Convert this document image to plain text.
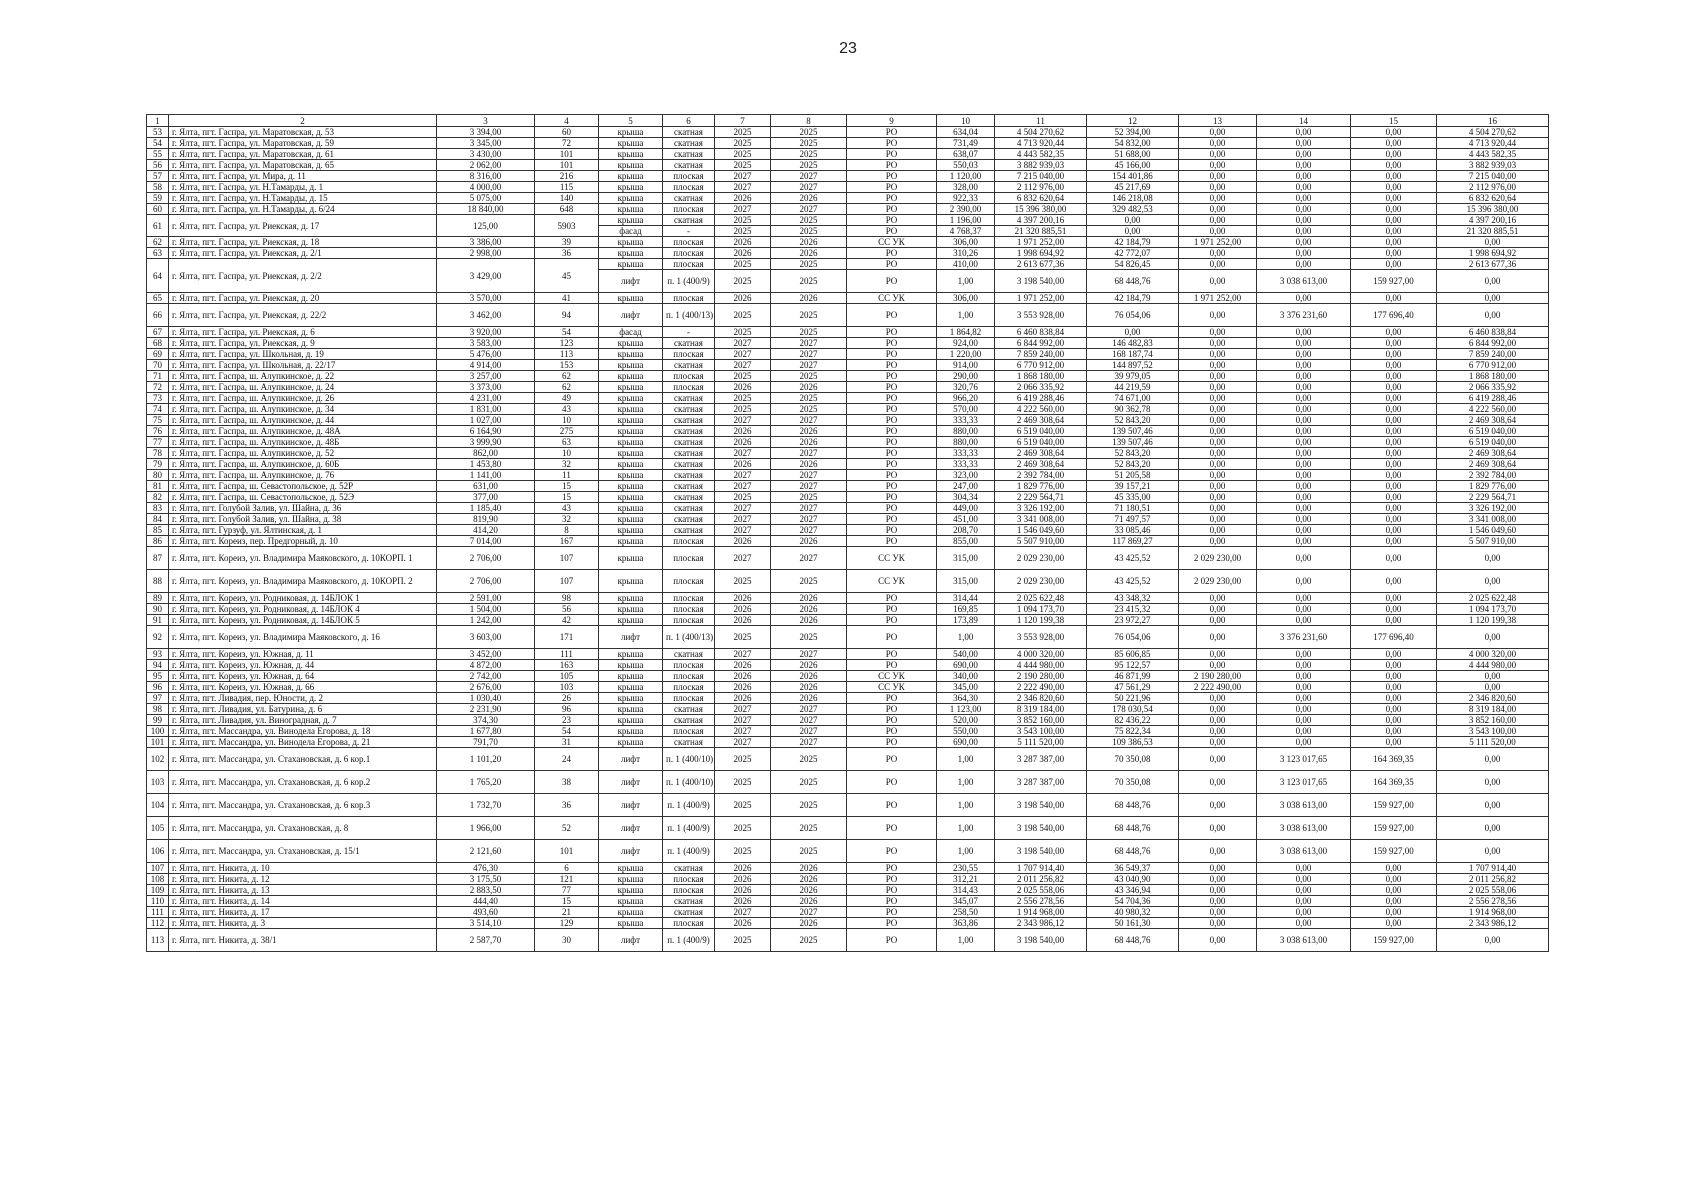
23
1	2	3	4	5	6	7	8	9	10	11	12	13	14	15	16
53	г. Ялта, пгт. Гаспра, ул. Маратовская, д. 53	3 394,00	60	крыша	скатная	2025	2025	РО	634,04	4 504 270,62	52 394,00	0,00	0,00	0,00	4 504 270,62
54	г. Ялта, пгт. Гаспра, ул. Маратовская, д. 59	3 345,00	72	крыша	скатная	2025	2025	РО	731,49	4 713 920,44	54 832,00	0,00	0,00	0,00	4 713 920,44
55	г. Ялта, пгт. Гаспра, ул. Маратовская, д. 61	3 430,00	101	крыша	скатная	2025	2025	РО	638,07	4 443 582,35	51 688,00	0,00	0,00	0,00	4 443 582,35
56	г. Ялта, пгт. Гаспра, ул. Маратовская, д. 65	2 062,00	101	крыша	скатная	2025	2025	РО	550,03	3 882 939,03	45 166,00	0,00	0,00	0,00	3 882 939,03
57	г. Ялта, пгт. Гаспра, ул. Мира, д. 11	8 316,00	216	крыша	плоская	2027	2027	РО	1 120,00	7 215 040,00	154 401,86	0,00	0,00	0,00	7 215 040,00
58	г. Ялта, пгт. Гаспра, ул. Н.Тамарды, д. 1	4 000,00	115	крыша	плоская	2027	2027	РО	328,00	2 112 976,00	45 217,69	0,00	0,00	0,00	2 112 976,00
59	г. Ялта, пгт. Гаспра, ул. Н.Тамарды, д. 15	5 075,00	140	крыша	скатная	2026	2026	РО	922,33	6 832 620,64	146 218,08	0,00	0,00	0,00	6 832 620,64
60	г. Ялта, пгт. Гаспра, ул. Н.Тамарды, д. 6/24	18 840,00	648	крыша	плоская	2027	2027	РО	2 390,00	15 396 380,00	329 482,53	0,00	0,00	0,00	15 396 380,00
61	г. Ялта, пгт. Гаспра, ул. Риекская, д. 17	125,00	5903	крыша	скатная	2025	2025	РО	1 196,00	4 397 200,16	0,00	0,00	0,00	0,00	4 397 200,16
				фасад	-	2025	2025	РО	4 768,37	21 320 885,51	0,00	0,00	0,00	0,00	21 320 885,51
62	г. Ялта, пгт. Гаспра, ул. Риекская, д. 18	3 386,00	39	крыша	плоская	2026	2026	СС УК	306,00	1 971 252,00	42 184,79	1 971 252,00	0,00	0,00	0,00
63	г. Ялта, пгт. Гаспра, ул. Риекская, д. 2/1	2 998,00	36	крыша	плоская	2026	2026	РО	310,26	1 998 694,92	42 772,07	0,00	0,00	0,00	1 998 694,92
64	г. Ялта, пгт. Гаспра, ул. Риекская, д. 2/2	3 429,00	45	крыша	плоская	2025	2025	РО	410,00	2 613 677,36	54 826,45	0,00	0,00	0,00	2 613 677,36
				лифт	п. 1 (400/9)	2025	2025	РО	1,00	3 198 540,00	68 448,76	0,00	3 038 613,00	159 927,00	0,00
65	г. Ялта, пгт. Гаспра, ул. Риекская, д. 20	3 570,00	41	крыша	плоская	2026	2026	СС УК	306,00	1 971 252,00	42 184,79	1 971 252,00	0,00	0,00	0,00
66	г. Ялта, пгт. Гаспра, ул. Риекская, д. 22/2	3 462,00	94	лифт	п. 1 (400/13)	2025	2025	РО	1,00	3 553 928,00	76 054,06	0,00	3 376 231,60	177 696,40	0,00
67	г. Ялта, пгт. Гаспра, ул. Риекская, д. 6	3 920,00	54	фасад	-	2025	2025	РО	1 864,82	6 460 838,84	0,00	0,00	0,00	0,00	6 460 838,84
68	г. Ялта, пгт. Гаспра, ул. Риекская, д. 9	3 583,00	123	крыша	скатная	2027	2027	РО	924,00	6 844 992,00	146 482,83	0,00	0,00	0,00	6 844 992,00
69	г. Ялта, пгт. Гаспра, ул. Школьная, д. 19	5 476,00	113	крыша	плоская	2027	2027	РО	1 220,00	7 859 240,00	168 187,74	0,00	0,00	0,00	7 859 240,00
70	г. Ялта, пгт. Гаспра, ул. Школьная, д. 22/17	4 914,00	153	крыша	скатная	2027	2027	РО	914,00	6 770 912,00	144 897,52	0,00	0,00	0,00	6 770 912,00
71	г. Ялта, пгт. Гаспра, ш. Алупкинское, д. 22	3 257,00	62	крыша	плоская	2025	2025	РО	290,00	1 868 180,00	39 979,05	0,00	0,00	0,00	1 868 180,00
72	г. Ялта, пгт. Гаспра, ш. Алупкинское, д. 24	3 373,00	62	крыша	плоская	2026	2026	РО	320,76	2 066 335,92	44 219,59	0,00	0,00	0,00	2 066 335,92
73	г. Ялта, пгт. Гаспра, ш. Алупкинское, д. 26	4 231,00	49	крыша	скатная	2025	2025	РО	966,20	6 419 288,46	74 671,00	0,00	0,00	0,00	6 419 288,46
74	г. Ялта, пгт. Гаспра, ш. Алупкинское, д. 34	1 831,00	43	крыша	скатная	2025	2025	РО	570,00	4 222 560,00	90 362,78	0,00	0,00	0,00	4 222 560,00
75	г. Ялта, пгт. Гаспра, ш. Алупкинское, д. 44	1 027,00	10	крыша	скатная	2027	2027	РО	333,33	2 469 308,64	52 843,20	0,00	0,00	0,00	2 469 308,64
76	г. Ялта, пгт. Гаспра, ш. Алупкинское, д. 48А	6 164,90	275	крыша	скатная	2026	2026	РО	880,00	6 519 040,00	139 507,46	0,00	0,00	0,00	6 519 040,00
77	г. Ялта, пгт. Гаспра, ш. Алупкинское, д. 48Б	3 999,90	63	крыша	скатная	2026	2026	РО	880,00	6 519 040,00	139 507,46	0,00	0,00	0,00	6 519 040,00
78	г. Ялта, пгт. Гаспра, ш. Алупкинское, д. 52	862,00	10	крыша	скатная	2027	2027	РО	333,33	2 469 308,64	52 843,20	0,00	0,00	0,00	2 469 308,64
79	г. Ялта, пгт. Гаспра, ш. Алупкинское, д. 60Б	1 453,80	32	крыша	скатная	2026	2026	РО	333,33	2 469 308,64	52 843,20	0,00	0,00	0,00	2 469 308,64
80	г. Ялта, пгт. Гаспра, ш. Алупкинское, д. 76	1 141,00	11	крыша	скатная	2027	2027	РО	323,00	2 392 784,00	51 205,58	0,00	0,00	0,00	2 392 784,00
81	г. Ялта, пгт. Гаспра, ш. Севастопольское, д. 52Р	631,00	15	крыша	скатная	2027	2027	РО	247,00	1 829 776,00	39 157,21	0,00	0,00	0,00	1 829 776,00
82	г. Ялта, пгт. Гаспра, ш. Севастопольское, д. 52Э	377,00	15	крыша	скатная	2025	2025	РО	304,34	2 229 564,71	45 335,00	0,00	0,00	0,00	2 229 564,71
83	г. Ялта, пгт. Голубой Залив, ул. Шайна, д. 36	1 185,40	43	крыша	скатная	2027	2027	РО	449,00	3 326 192,00	71 180,51	0,00	0,00	0,00	3 326 192,00
84	г. Ялта, пгт. Голубой Залив, ул. Шайна, д. 38	819,90	32	крыша	скатная	2027	2027	РО	451,00	3 341 008,00	71 497,57	0,00	0,00	0,00	3 341 008,00
85	г. Ялта, пгт. Гурзуф, ул. Ялтинская, д. 1	414,20	8	крыша	скатная	2027	2027	РО	208,70	1 546 049,60	33 085,46	0,00	0,00	0,00	1 546 049,60
86	г. Ялта, пгт. Кореиз, пер. Предгорный, д. 10	7 014,00	167	крыша	плоская	2026	2026	РО	855,00	5 507 910,00	117 869,27	0,00	0,00	0,00	5 507 910,00
87	г. Ялта, пгт. Кореиз, ул. Владимира Маяковского, д. 10КОРП. 1	2 706,00	107	крыша	плоская	2027	2027	СС УК	315,00	2 029 230,00	43 425,52	2 029 230,00	0,00	0,00	0,00
88	г. Ялта, пгт. Кореиз, ул. Владимира Маяковского, д. 10КОРП. 2	2 706,00	107	крыша	плоская	2025	2025	СС УК	315,00	2 029 230,00	43 425,52	2 029 230,00	0,00	0,00	0,00
89	г. Ялта, пгт. Кореиз, ул. Родниковая, д. 14БЛОК 1	2 591,00	98	крыша	плоская	2026	2026	РО	314,44	2 025 622,48	43 348,32	0,00	0,00	0,00	2 025 622,48
90	г. Ялта, пгт. Кореиз, ул. Родниковая, д. 14БЛОК 4	1 504,00	56	крыша	плоская	2026	2026	РО	169,85	1 094 173,70	23 415,32	0,00	0,00	0,00	1 094 173,70
91	г. Ялта, пгт. Кореиз, ул. Родниковая, д. 14БЛОК 5	1 242,00	42	крыша	плоская	2026	2026	РО	173,89	1 120 199,38	23 972,27	0,00	0,00	0,00	1 120 199,38
92	г. Ялта, пгт. Кореиз, ул. Владимира Маяковского, д. 16	3 603,00	171	лифт	п. 1 (400/13)	2025	2025	РО	1,00	3 553 928,00	76 054,06	0,00	3 376 231,60	177 696,40	0,00
93	г. Ялта, пгт. Кореиз, ул. Южная, д. 11	3 452,00	111	крыша	скатная	2027	2027	РО	540,00	4 000 320,00	85 606,85	0,00	0,00	0,00	4 000 320,00
94	г. Ялта, пгт. Кореиз, ул. Южная, д. 44	4 872,00	163	крыша	плоская	2026	2026	РО	690,00	4 444 980,00	95 122,57	0,00	0,00	0,00	4 444 980,00
95	г. Ялта, пгт. Кореиз, ул. Южная, д. 64	2 742,00	105	крыша	плоская	2026	2026	СС УК	340,00	2 190 280,00	46 871,99	2 190 280,00	0,00	0,00	0,00
96	г. Ялта, пгт. Кореиз, ул. Южная, д. 66	2 676,00	103	крыша	плоская	2026	2026	СС УК	345,00	2 222 490,00	47 561,29	2 222 490,00	0,00	0,00	0,00
97	г. Ялта, пгт. Ливадия, пер. Юности, д. 2	1 030,40	26	крыша	плоская	2026	2026	РО	364,30	2 346 820,60	50 221,96	0,00	0,00	0,00	2 346 820,60
98	г. Ялта, пгт. Ливадия, ул. Батурина, д. 6	2 231,90	96	крыша	скатная	2027	2027	РО	1 123,00	8 319 184,00	178 030,54	0,00	0,00	0,00	8 319 184,00
99	г. Ялта, пгт. Ливадия, ул. Виноградная, д. 7	374,30	23	крыша	скатная	2027	2027	РО	520,00	3 852 160,00	82 436,22	0,00	0,00	0,00	3 852 160,00
100	г. Ялта, пгт. Массандра, ул. Винодела Егорова, д. 18	1 677,80	54	крыша	плоская	2027	2027	РО	550,00	3 543 100,00	75 822,34	0,00	0,00	0,00	3 543 100,00
101	г. Ялта, пгт. Массандра, ул. Винодела Егорова, д. 21	791,70	31	крыша	скатная	2027	2027	РО	690,00	5 111 520,00	109 386,53	0,00	0,00	0,00	5 111 520,00
102	г. Ялта, пгт. Массандра, ул. Стахановская, д. 6 кор.1	1 101,20	24	лифт	п. 1 (400/10)	2025	2025	РО	1,00	3 287 387,00	70 350,08	0,00	3 123 017,65	164 369,35	0,00
103	г. Ялта, пгт. Массандра, ул. Стахановская, д. 6 кор.2	1 765,20	38	лифт	п. 1 (400/10)	2025	2025	РО	1,00	3 287 387,00	70 350,08	0,00	3 123 017,65	164 369,35	0,00
104	г. Ялта, пгт. Массандра, ул. Стахановская, д. 6 кор.3	1 732,70	36	лифт	п. 1 (400/9)	2025	2025	РО	1,00	3 198 540,00	68 448,76	0,00	3 038 613,00	159 927,00	0,00
105	г. Ялта, пгт. Массандра, ул. Стахановская, д. 8	1 966,00	52	лифт	п. 1 (400/9)	2025	2025	РО	1,00	3 198 540,00	68 448,76	0,00	3 038 613,00	159 927,00	0,00
106	г. Ялта, пгт. Массандра, ул. Стахановская, д. 15/1	2 121,60	101	лифт	п. 1 (400/9)	2025	2025	РО	1,00	3 198 540,00	68 448,76	0,00	3 038 613,00	159 927,00	0,00
107	г. Ялта, пгт. Никита, д. 10	476,30	6	крыша	скатная	2026	2026	РО	230,55	1 707 914,40	36 549,37	0,00	0,00	0,00	1 707 914,40
108	г. Ялта, пгт. Никита, д. 12	3 175,50	121	крыша	плоская	2026	2026	РО	312,21	2 011 256,82	43 040,90	0,00	0,00	0,00	2 011 256,82
109	г. Ялта, пгт. Никита, д. 13	2 883,50	77	крыша	плоская	2026	2026	РО	314,43	2 025 558,06	43 346,94	0,00	0,00	0,00	2 025 558,06
110	г. Ялта, пгт. Никита, д. 14	444,40	15	крыша	скатная	2026	2026	РО	345,07	2 556 278,56	54 704,36	0,00	0,00	0,00	2 556 278,56
111	г. Ялта, пгт. Никита, д. 17	493,60	21	крыша	скатная	2027	2027	РО	258,50	1 914 968,00	40 980,32	0,00	0,00	0,00	1 914 968,00
112	г. Ялта, пгт. Никита, д. 3	3 514,10	129	крыша	плоская	2026	2026	РО	363,86	2 343 986,12	50 161,30	0,00	0,00	0,00	2 343 986,12
113	г. Ялта, пгт. Никита, д. 38/1	2 587,70	30	лифт	п. 1 (400/9)	2025	2025	РО	1,00	3 198 540,00	68 448,76	0,00	3 038 613,00	159 927,00	0,00
